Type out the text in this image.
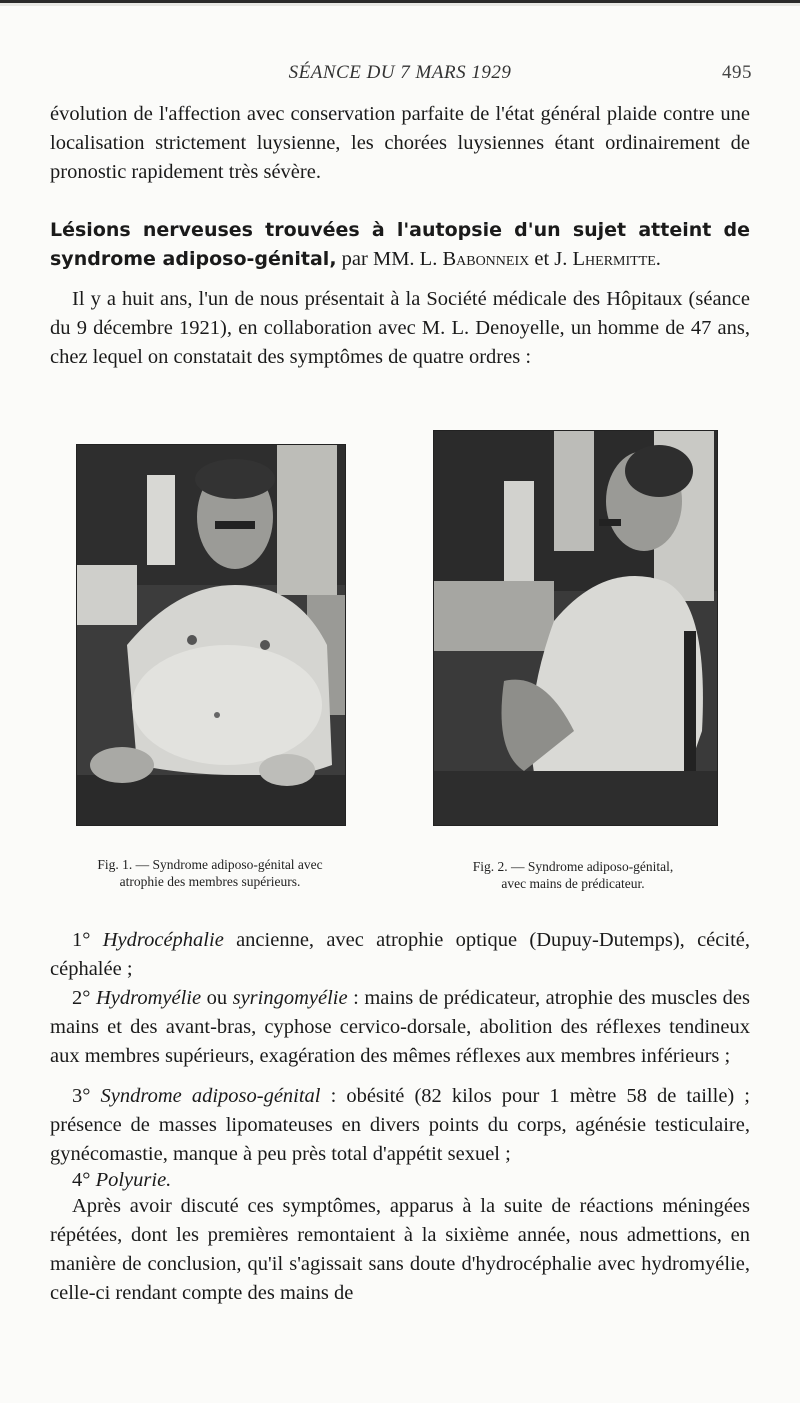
SÉANCE DU 7 MARS 1929	495

évolution de l'affection avec conservation parfaite de l'état général plaide contre une localisation strictement luysienne, les chorées luysiennes étant ordinairement de pronostic rapidement très sévère.

Lésions nerveuses trouvées à l'autopsie d'un sujet atteint de syndrome adiposo-génital, par MM. L. Babonneix et J. Lhermitte.

Il y a huit ans, l'un de nous présentait à la Société médicale des Hôpitaux (séance du 9 décembre 1921), en collaboration avec M. L. Denoyelle, un homme de 47 ans, chez lequel on constatait des symptômes de quatre ordres :

Fig. 1. — Syndrome adiposo-génital avec
atrophie des membres supérieurs.
Fig. 2. — Syndrome adiposo-génital,
avec mains de prédicateur.

1° Hydrocéphalie ancienne, avec atrophie optique (Dupuy-Dutemps), cécité, céphalée ;

2° Hydromyélie ou syringomyélie : mains de prédicateur, atrophie des muscles des mains et des avant-bras, cyphose cervico-dorsale, abolition des réflexes tendineux aux membres supérieurs, exagération des mêmes réflexes aux membres inférieurs ;

3° Syndrome adiposo-génital : obésité (82 kilos pour 1 mètre 58 de taille) ; présence de masses lipomateuses en divers points du corps, agénésie testiculaire, gynécomastie, manque à peu près total d'appétit sexuel ;

4° Polyurie.

Après avoir discuté ces symptômes, apparus à la suite de réactions méningées répétées, dont les premières remontaient à la sixième année, nous admettions, en manière de conclusion, qu'il s'agissait sans doute d'hydrocéphalie avec hydromyélie, celle-ci rendant compte des mains de
